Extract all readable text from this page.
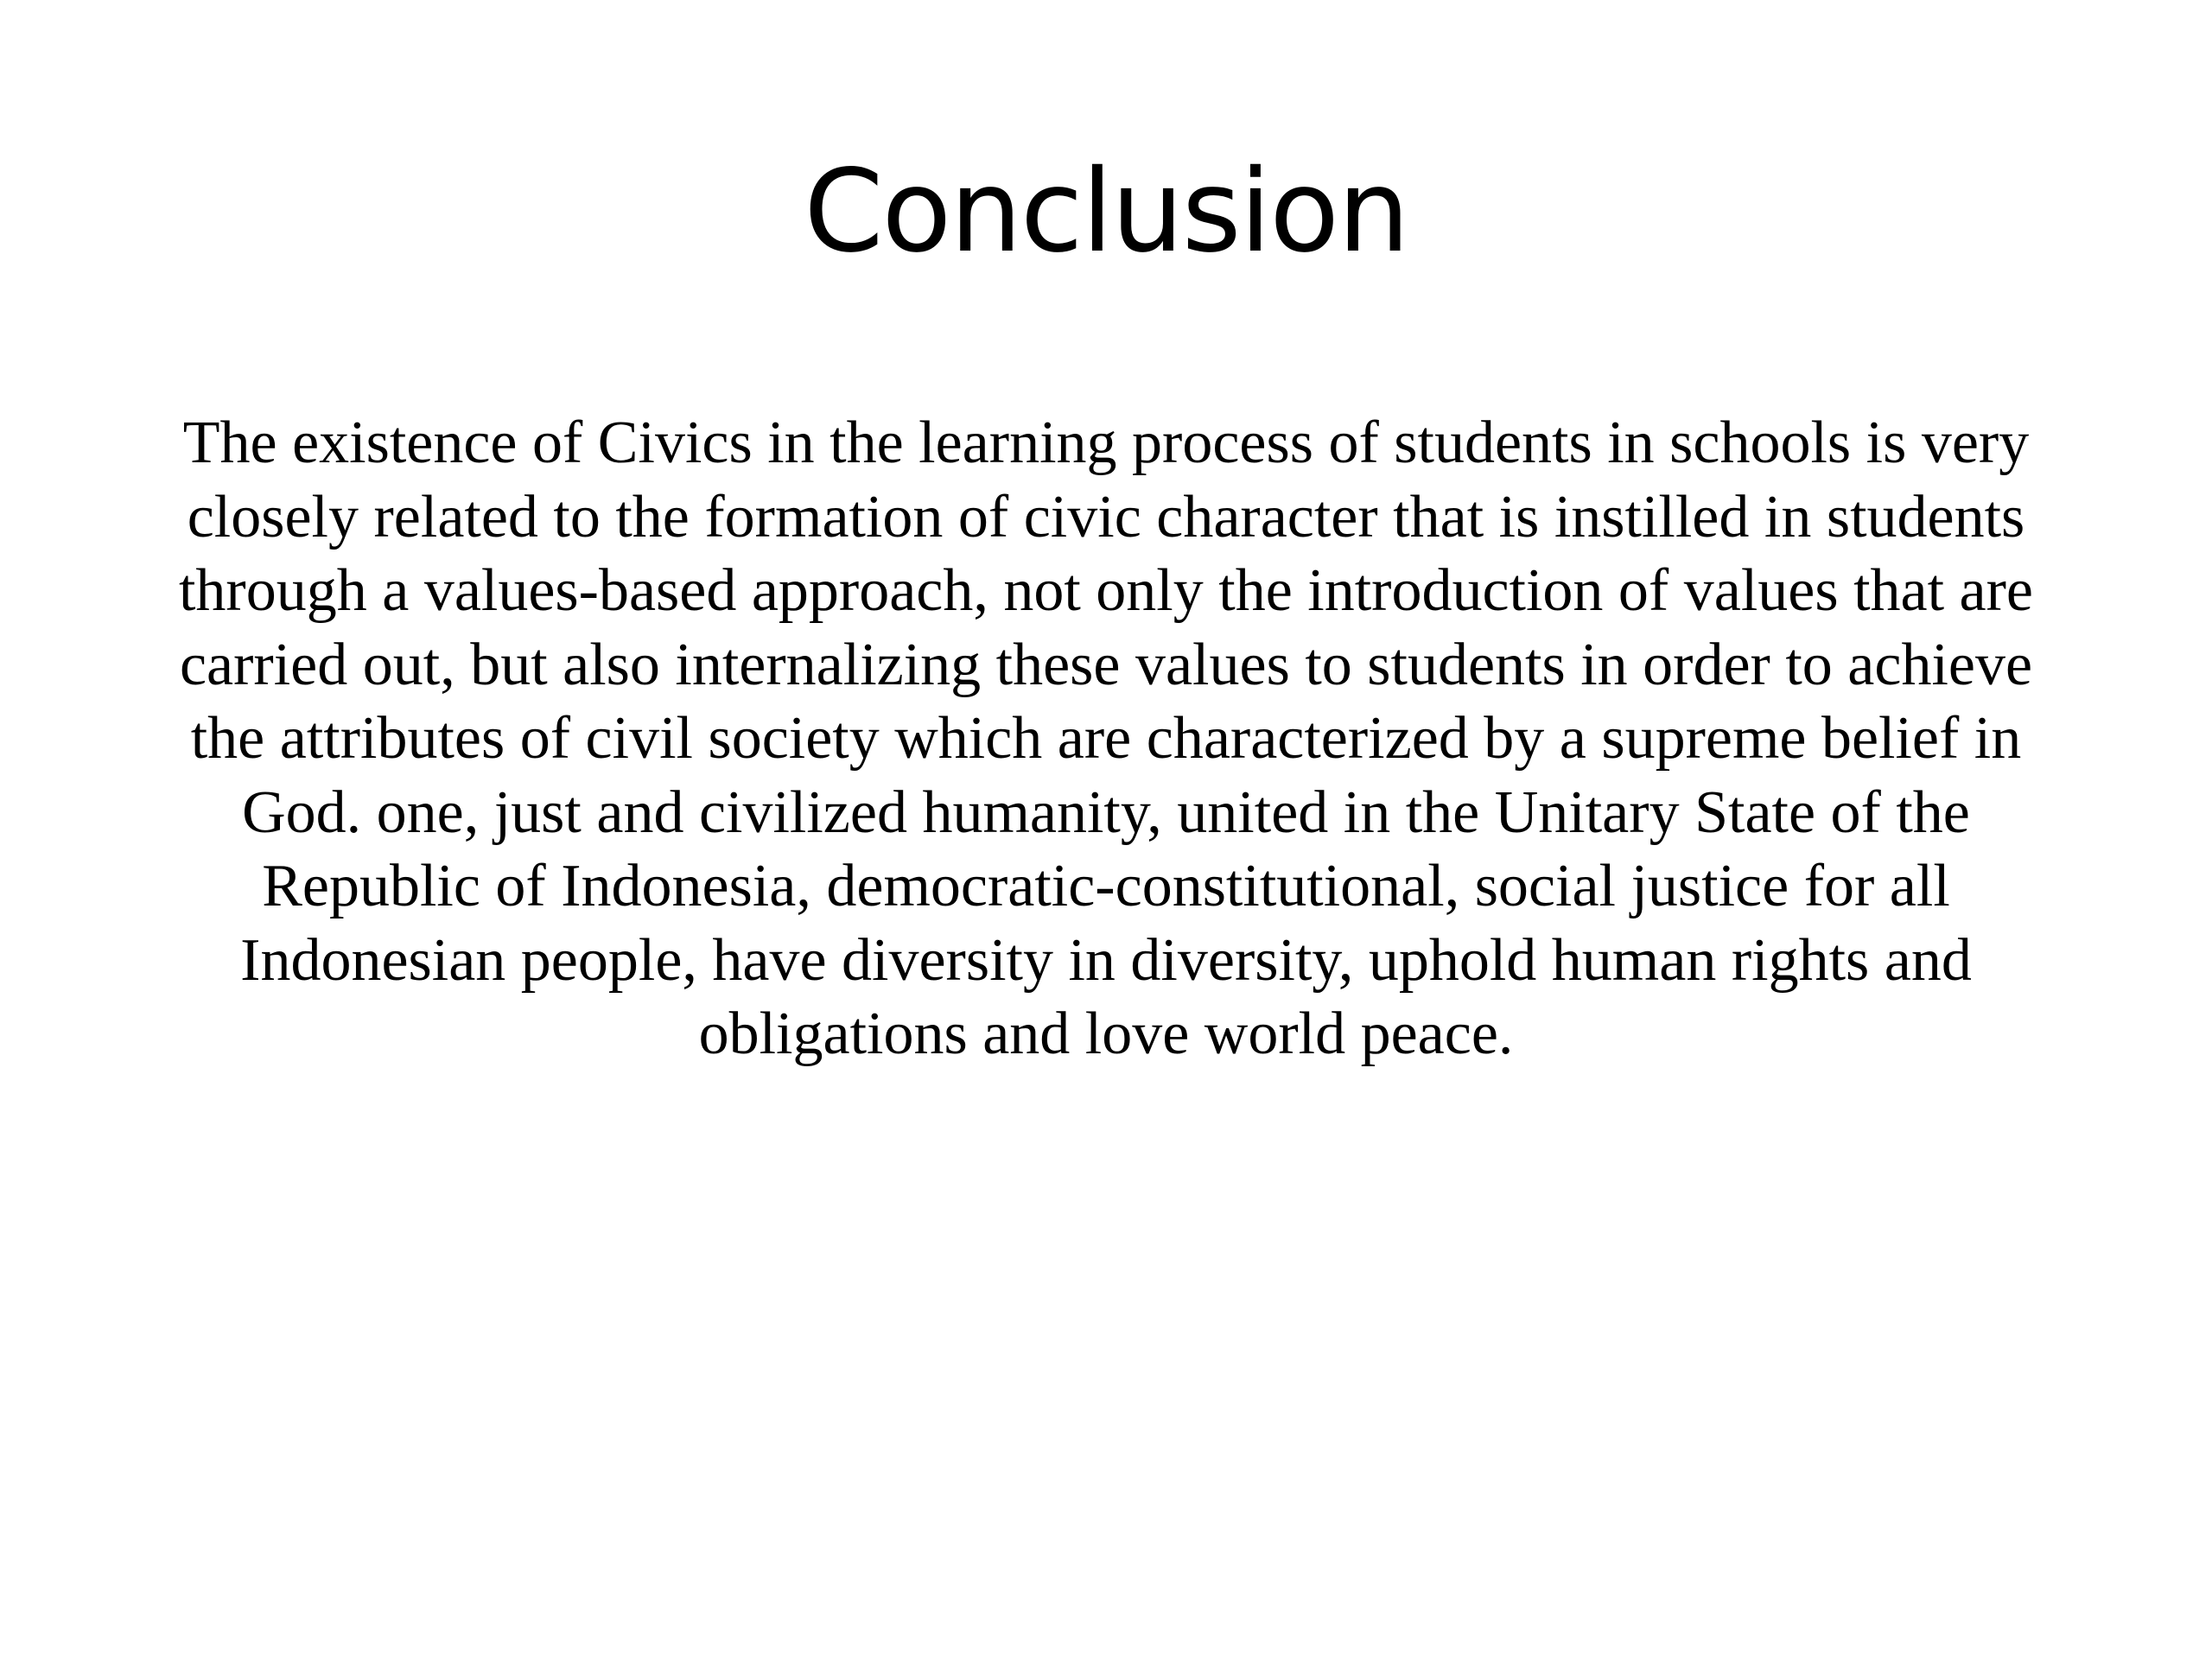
Conclusion

The existence of Civics in the learning process of students in schools is very
closely related to the formation of civic character that is instilled in students
through a values-based approach, not only the introduction of values that are
carried out, but also internalizing these values to students in order to achieve
the attributes of civil society which are characterized by a supreme belief in
God. one, just and civilized humanity, united in the Unitary State of the
Republic of Indonesia, democratic-constitutional, social justice for all
Indonesian people, have diversity in diversity, uphold human rights and
obligations and love world peace.
